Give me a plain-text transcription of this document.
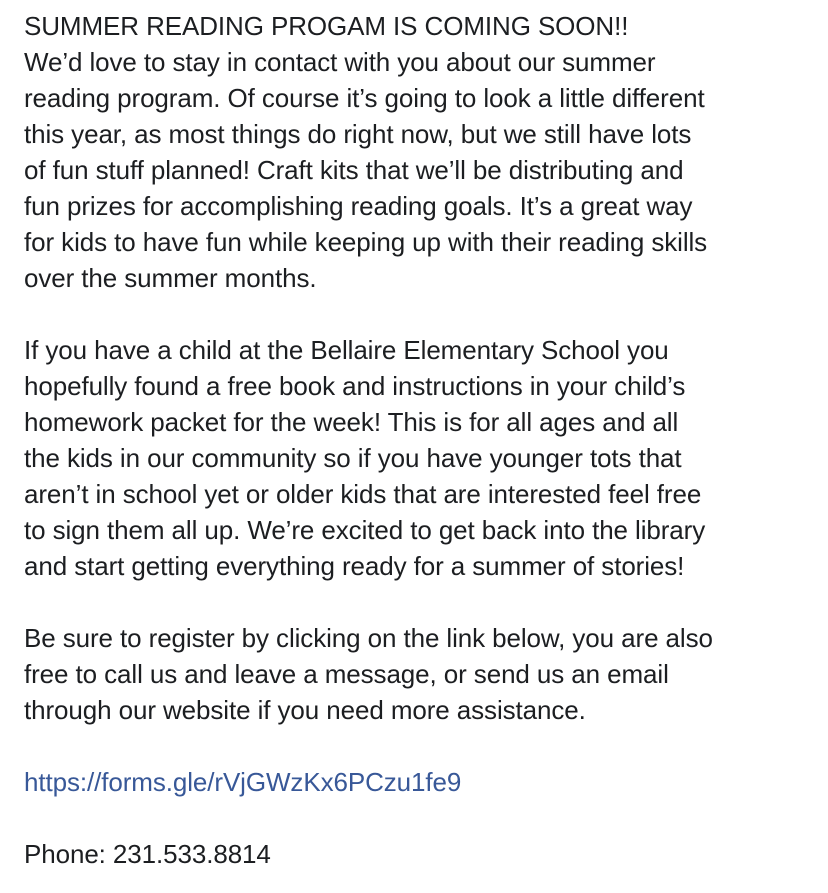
SUMMER READING PROGAM IS COMING SOON!!
We’d love to stay in contact with you about our summer
reading program. Of course it’s going to look a little different
this year, as most things do right now, but we still have lots
of fun stuff planned! Craft kits that we’ll be distributing and
fun prizes for accomplishing reading goals. It’s a great way
for kids to have fun while keeping up with their reading skills
over the summer months.
If you have a child at the Bellaire Elementary School you
hopefully found a free book and instructions in your child’s
homework packet for the week! This is for all ages and all
the kids in our community so if you have younger tots that
aren’t in school yet or older kids that are interested feel free
to sign them all up. We’re excited to get back into the library
and start getting everything ready for a summer of stories!
Be sure to register by clicking on the link below, you are also
free to call us and leave a message, or send us an email
through our website if you need more assistance.
https://forms.gle/rVjGWzKx6PCzu1fe9
Phone: 231.533.8814
